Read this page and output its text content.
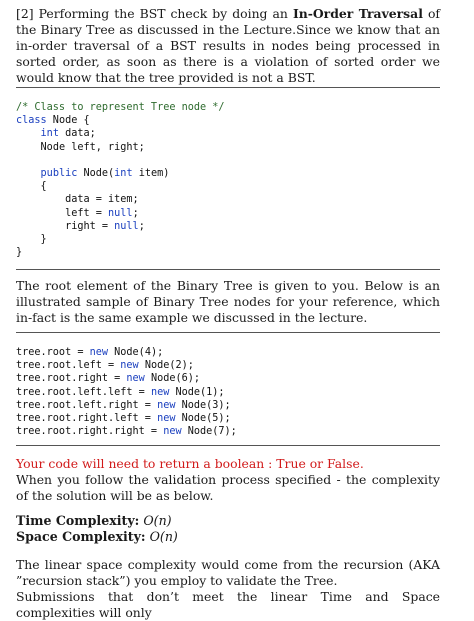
[2] Performing the BST check by doing an In-Order Traversal of the Binary Tree as discussed in the Lecture.Since we know that an in-order traversal of a BST results in nodes being processed in sorted order, as soon as there is a violation of sorted order we would know that the tree provided is not a BST.

/* Class to represent Tree node */
class Node {
int data;
Node left, right;

public Node(int item)
{
data = item;
left = null;
right = null;
}
}

The root element of the Binary Tree is given to you. Below is an illustrated sample of Binary Tree nodes for your reference, which in-fact is the same example we discussed in the lecture.

tree.root = new Node(4);
tree.root.left = new Node(2);
tree.root.right = new Node(6);
tree.root.left.left = new Node(1);
tree.root.left.right = new Node(3);
tree.root.right.left = new Node(5);
tree.root.right.right = new Node(7);

Your code will need to return a boolean : True or False.

When you follow the validation process specified - the complexity of the solution will be as below.

Time Complexity: O(n)
Space Complexity: O(n)

The linear space complexity would come from the recursion (AKA ”recursion stack”) you employ to validate the Tree.

Submissions that don’t meet the linear Time and Space complexities will only
